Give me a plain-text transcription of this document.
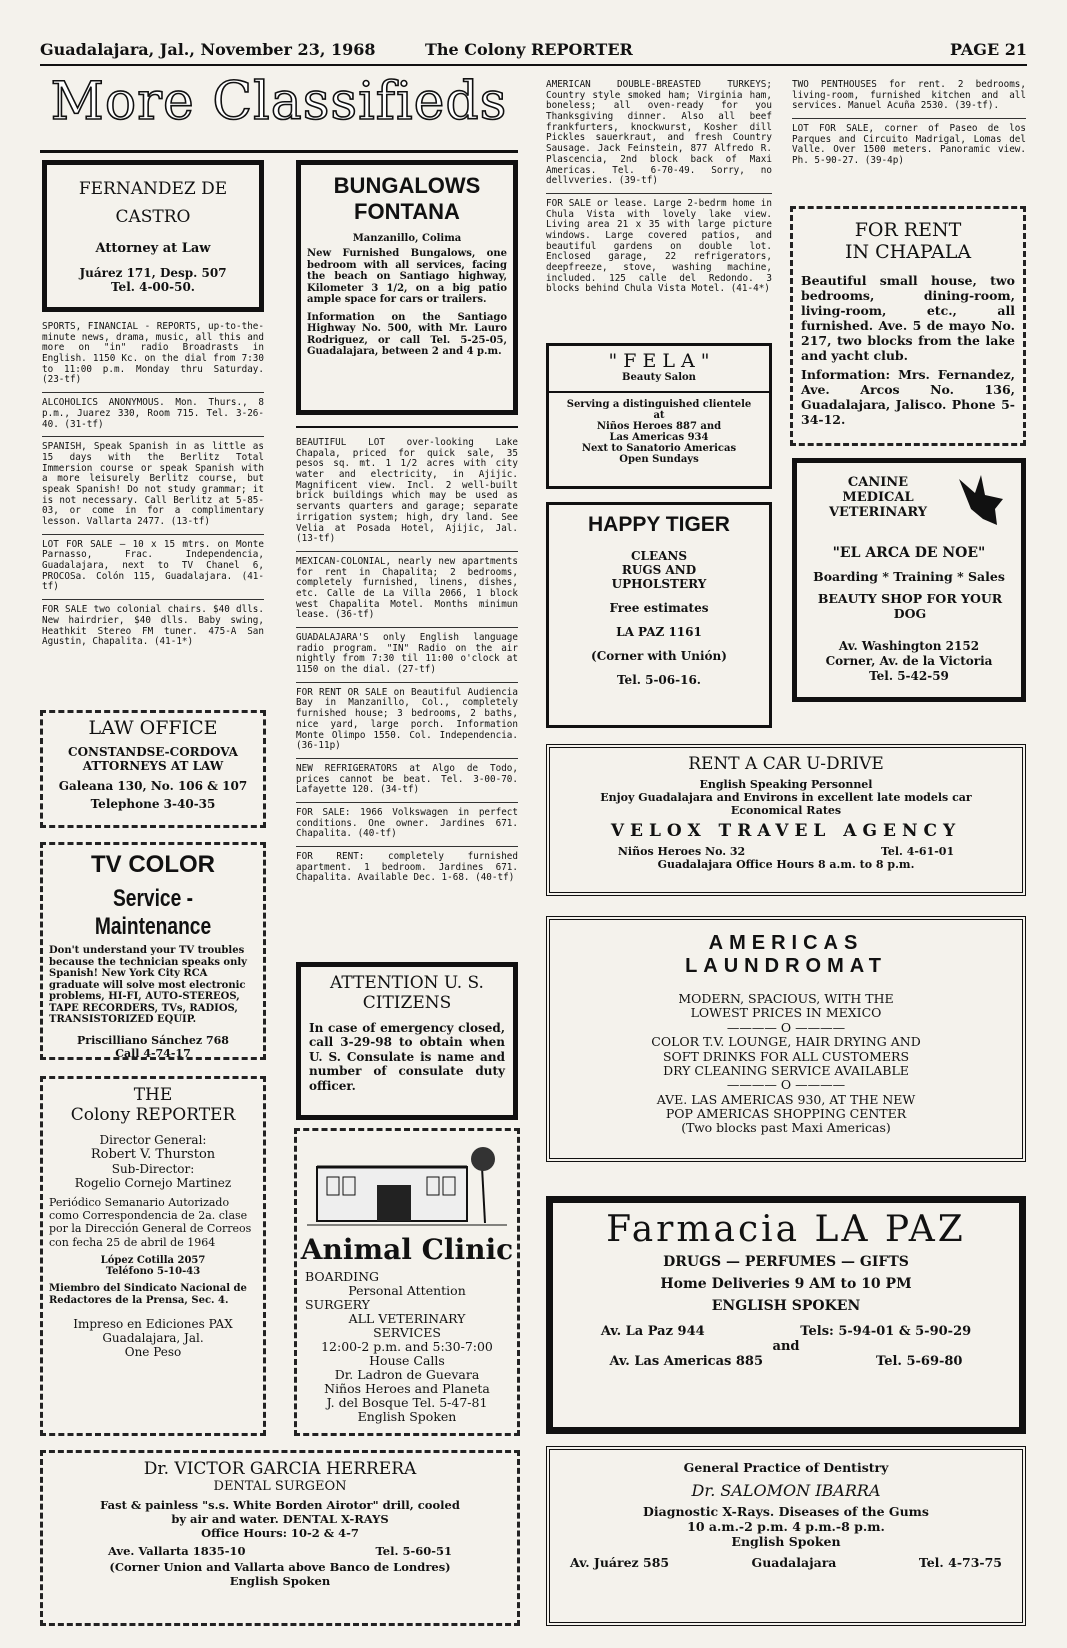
Guadalajara, Jal., November 23, 1968	The Colony REPORTER	PAGE 21
More Classifieds
FERNANDEZ DE
CASTRO
Attorney at Law
Juárez 171, Desp. 507
Tel. 4-00-50.

SPORTS, FINANCIAL - REPORTS, up-to-the-minute news, drama, music, all this and more on "in" radio Broadrasts in English. 1150 Kc. on the dial from 7:30 to 11:00 p.m. Monday thru Saturday. (23-tf)

ALCOHOLICS ANONYMOUS. Mon. Thurs., 8 p.m., Juarez 330, Room 715. Tel. 3-26-40. (31-tf)

SPANISH, Speak Spanish in as little as 15 days with the Berlitz Total Immersion course or speak Spanish with a more leisurely Berlitz course, but speak Spanish! Do not study grammar; it is not necessary. Call Berlitz at 5-85-03, or come in for a complimentary lesson. Vallarta 2477. (13-tf)

LOT FOR SALE — 10 x 15 mtrs. on Monte Parnasso, Frac. Independencia, Guadalajara, next to TV Chanel 6, PROCOSa. Colón 115, Guadalajara. (41-tf)

FOR SALE two colonial chairs. $40 dlls. New hairdrier, $40 dlls. Baby swing, Heathkit Stereo FM tuner. 475-A San Agustin, Chapalita. (41-1*)

LAW OFFICE
CONSTANDSE-CORDOVA
ATTORNEYS AT LAW
Galeana 130, No. 106 & 107
Telephone 3-40-35
TV COLOR
Service - Maintenance
Don't understand your TV troubles because the technician speaks only Spanish! New York City RCA graduate will solve most electronic problems, HI-FI, AUTO-STEREOS, TAPE RECORDERS, TVs, RADIOS, TRANSISTORIZED EQUIP.
Priscilliano Sánchez 768
Call 4-74-17
THE
Colony REPORTER
Director General:
Robert V. Thurston
Sub-Director:
Rogelio Cornejo Martinez
Periódico Semanario Autorizado como Correspondencia de 2a. clase por la Dirección General de Correos con fecha 25 de abril de 1964
López Cotilla 2057
Teléfono 5-10-43
Miembro del Sindicato Nacional de Redactores de la Prensa, Sec. 4.
Impreso en Ediciones PAX
Guadalajara, Jal.
One Peso
BUNGALOWS
FONTANA
Manzanillo, Colima
New Furnished Bungalows, one bedroom with all services, facing the beach on Santiago highway, Kilometer 3 1/2, on a big patio ample space for cars or trailers.
Information on the Santiago Highway No. 500, with Mr. Lauro Rodriguez, or call Tel. 5-25-05, Guadalajara, between 2 and 4 p.m.

BEAUTIFUL LOT over-looking Lake Chapala, priced for quick sale, 35 pesos sq. mt. 1 1/2 acres with city water and electricity, in Ajijic. Magnificent view. Incl. 2 well-built brick buildings which may be used as servants quarters and garage; separate irrigation system; high, dry land. See Velia at Posada Hotel, Ajijic, Jal. (13-tf)

MEXICAN-COLONIAL, nearly new apartments for rent in Chapalita; 2 bedrooms, completely furnished, linens, dishes, etc. Calle de La Villa 2066, 1 block west Chapalita Motel. Months minimun lease. (36-tf)

GUADALAJARA'S only English language radio program. "IN" Radio on the air nightly from 7:30 til 11:00 o'clock at 1150 on the dial. (27-tf)

FOR RENT OR SALE on Beautiful Audiencia Bay in Manzanillo, Col., completely furnished house; 3 bedrooms, 2 baths, nice yard, large porch. Information Monte Olimpo 1550. Col. Independencia. (36-11p)

NEW REFRIGERATORS at Algo de Todo, prices cannot be beat. Tel. 3-00-70. Lafayette 120. (34-tf)

FOR SALE: 1966 Volkswagen in perfect conditions. One owner. Jardines 671. Chapalita. (40-tf)

FOR RENT: completely furnished apartment. 1 bedroom. Jardines 671. Chapalita. Available Dec. 1-68. (40-tf)

ATTENTION U. S.
CITIZENS
In case of emergency closed, call 3-29-98 to obtain when U. S. Consulate is name and number of consulate duty officer.
Animal Clinic
BOARDING
Personal Attention
SURGERY
ALL VETERINARY
SERVICES
12:00-2 p.m. and 5:30-7:00
House Calls
Dr. Ladron de Guevara
Niños Heroes and Planeta
J. del Bosque Tel. 5-47-81
English Spoken

AMERICAN DOUBLE-BREASTED TURKEYS; Country style smoked ham; Virginia ham, boneless; all oven-ready for you Thanksgiving dinner. Also all beef frankfurters, knockwurst, Kosher dill Pickles sauerkraut, and fresh Country Sausage. Jack Feinstein, 877 Alfredo R. Plascencia, 2nd block back of Maxi Americas. Tel. 6-70-49. Sorry, no dellvveries. (39-tf)

FOR SALE or lease. Large 2-bedrm home in Chula Vista with lovely lake view. Living area 21 x 35 with large picture windows. Large covered patios, and beautiful gardens on double lot. Enclosed garage, 22 refrigerators, deepfreeze, stove, washing machine, included. 125 calle del Redondo. 3 blocks behind Chula Vista Motel. (41-4*)

" F E L A "
Beauty Salon
Serving a distinguished clientele
at
Niños Heroes 887 and
Las Americas 934
Next to Sanatorio Americas
Open Sundays
HAPPY TIGER
CLEANS
RUGS AND
UPHOLSTERY
Free estimates
LA PAZ 1161
(Corner with Unión)
Tel. 5-06-16.

TWO PENTHOUSES for rent. 2 bedrooms, living-room, furnished kitchen and all services. Manuel Acuña 2530. (39-tf).

LOT FOR SALE, corner of Paseo de los Parques and Circuito Madrigal, Lomas del Valle. Over 1500 meters. Panoramic view. Ph. 5-90-27. (39-4p)

FOR RENT
IN CHAPALA
Beautiful small house, two bedrooms, dining-room, living-room, etc., all furnished. Ave. 5 de mayo No. 217, two blocks from the lake and yacht club.
Information: Mrs. Fernandez, Ave. Arcos No. 136, Guadalajara, Jalisco. Phone 5-34-12.
CANINE
MEDICAL
VETERINARY
"EL ARCA DE NOE"
Boarding * Training * Sales
BEAUTY SHOP FOR YOUR DOG
Av. Washington 2152
Corner, Av. de la Victoria
Tel. 5-42-59
RENT A CAR U-DRIVE
English Speaking Personnel
Enjoy Guadalajara and Environs in excellent late models car
Economical Rates
VELOX TRAVEL AGENCY
Niños Heroes No. 32	Tel. 4-61-01
Guadalajara Office Hours 8 a.m. to 8 p.m.
AMERICAS
LAUNDROMAT
MODERN, SPACIOUS, WITH THE
LOWEST PRICES IN MEXICO
———— O ————
COLOR T.V. LOUNGE, HAIR DRYING AND
SOFT DRINKS FOR ALL CUSTOMERS
DRY CLEANING SERVICE AVAILABLE
———— O ————
AVE. LAS AMERICAS 930, AT THE NEW
POP AMERICAS SHOPPING CENTER
(Two blocks past Maxi Americas)
Farmacia LA PAZ
DRUGS — PERFUMES — GIFTS
Home Deliveries 9 AM to 10 PM
ENGLISH SPOKEN
Av. La Paz 944	Tels: 5-94-01 & 5-90-29
and
Av. Las Americas 885	Tel. 5-69-80
Dr. VICTOR GARCIA HERRERA
DENTAL SURGEON
Fast & painless "s.s. White Borden Airotor" drill, cooled
by air and water. DENTAL X-RAYS
Office Hours: 10-2 & 4-7
Ave. Vallarta 1835-10	Tel. 5-60-51
(Corner Union and Vallarta above Banco de Londres)
English Spoken
General Practice of Dentistry
Dr. SALOMON IBARRA
Diagnostic X-Rays. Diseases of the Gums
10 a.m.-2 p.m. 4 p.m.-8 p.m.
English Spoken
Av. Juárez 585	Guadalajara	Tel. 4-73-75
